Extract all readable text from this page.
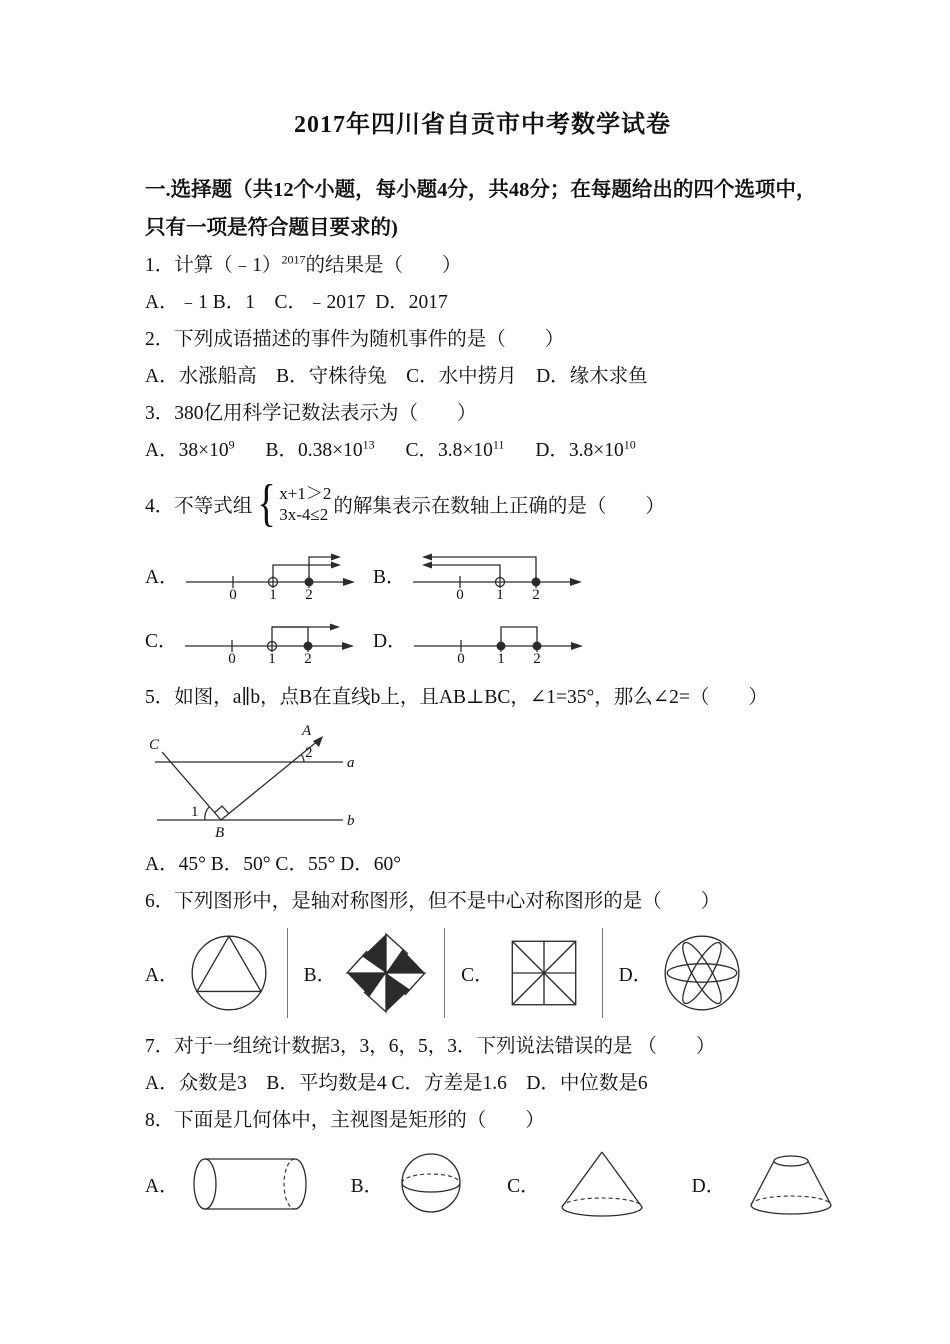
2017年四川省自贡市中考数学试卷

一.选择题（共12个小题，每小题4分，共48分；在每题给出的四个选项中，

只有一项是符合题目要求的)

1．计算（﹣1）$^{2017}$的结果是（　　）

A．﹣1 B．1　C．﹣2017  D．2017

2．下列成语描述的事件为随机事件的是（　　）

A．水涨船高　B．守株待兔　C．水中捞月　D．缘木求鱼

3．380亿用科学记数法表示为（　　）

A．$38\times 10^9$ B．$0.38\times 10^{13}$ C．$3.8\times 10^{11}$ D．$3.8\times 10^{10}$

4．不等式组 { x+1＞2
3x-4≤2 的解集表示在数轴上正确的是（　　）
A．
0 1 2
B．
0 1 2
C．
0 1 2
D．
0 1 2

5．如图，a∥b，点B在直线b上，且AB⊥BC，∠1=35°，那么∠2=（　　）

a
b
A
C
1
2
B

A．45° B．50° C．55° D．60°

6．下列图形中，是轴对称图形，但不是中心对称图形的是（　　）

A．	B．	C．	D．

7．对于一组统计数据3，3，6，5，3．下列说法错误的是 （　　）

A．众数是3　B．平均数是4 C．方差是1.6　D．中位数是6

8．下面是几何体中，主视图是矩形的（　　）

A．	B．	C．	D．
